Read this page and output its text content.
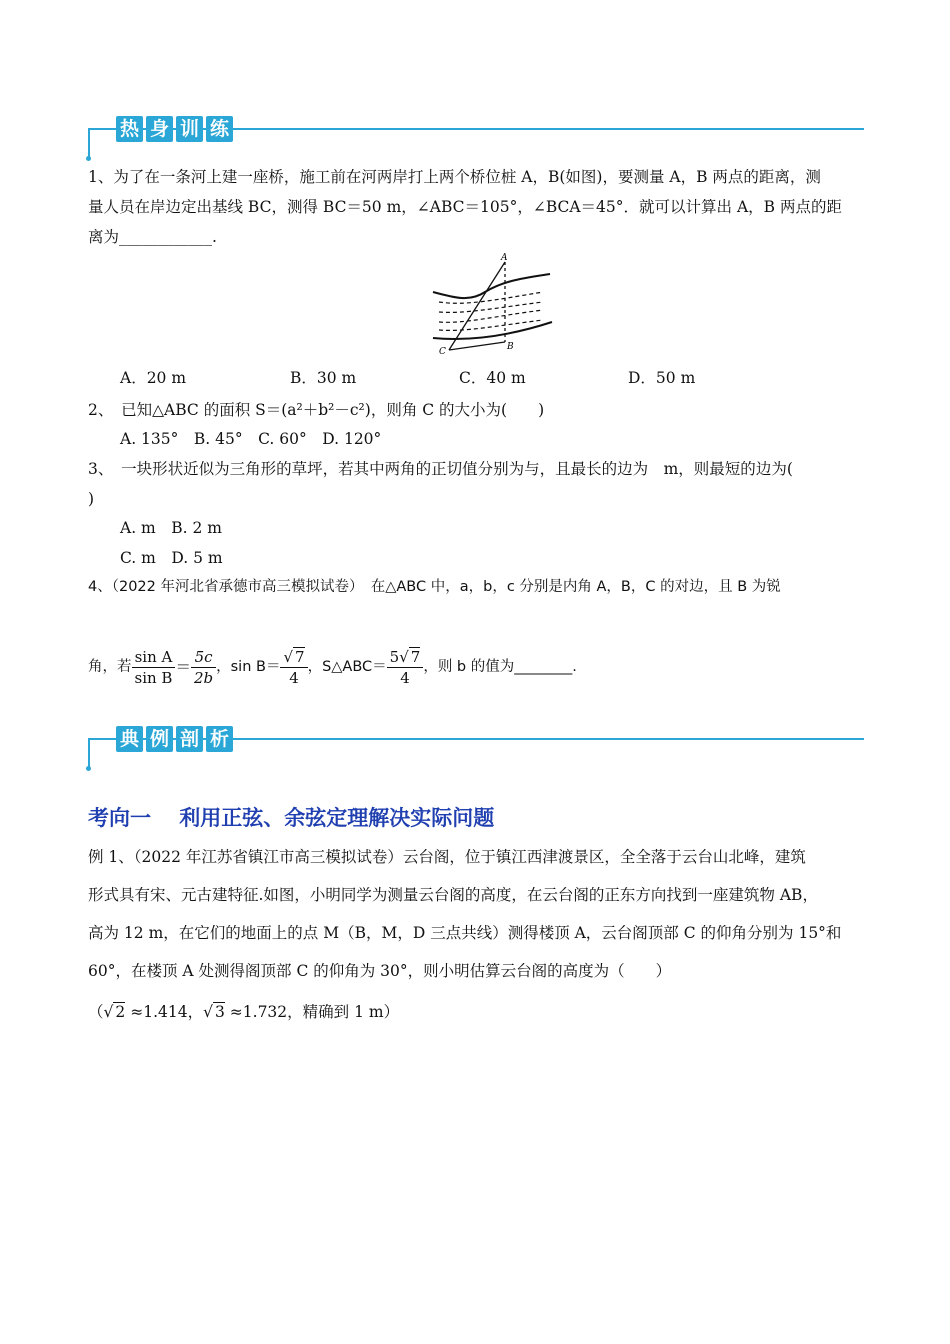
热 身 训 练
1、为了在一条河上建一座桥，施工前在河两岸打上两个桥位桩 A，B(如图)，要测量 A，B 两点的距离，测
量人员在岸边定出基线 BC，测得 BC＝50 m，∠ABC＝105°，∠BCA＝45°．就可以计算出 A，B 两点的距
离为____________.
A
B
C
A．20 m	B．30 m	C．40 m	D．50 m
2、　已知△ABC 的面积 S＝(a²＋b²－c²)，则角 C 的大小为(　　)
A. 135°　B. 45°　C. 60°　D. 120°
3、　一块形状近似为三角形的草坪，若其中两角的正切值分别为与，且最长的边为　m，则最短的边为(
)
A. m　B. 2 m
C. m　D. 5 m
4、（2022 年河北省承德市高三模拟试卷）　在△ABC 中，a，b，c 分别是内角 A，B，C 的对边，且 B 为锐
角，若 $\frac{\text{sin A}}{\text{sin B}} = \frac{5c}{2b}$ ，$\sin B= \frac{√ 7}{4}$ ，S△ABC＝ $\frac{5√ 7}{4}$ ，则 b 的值为________.
典 例 剖 析
考向一　 利用正弦、余弦定理解决实际问题
例 1、（2022 年江苏省镇江市高三模拟试卷）云台阁，位于镇江西津渡景区，全全落于云台山北峰，建筑
形式具有宋、元古建特征.如图，小明同学为测量云台阁的高度，在云台阁的正东方向找到一座建筑物 AB，
高为 12 m，在它们的地面上的点 M（B，M，D 三点共线）测得楼顶 A，云台阁顶部 C 的仰角分别为 15°和
60°，在楼顶 A 处测得阁顶部 C 的仰角为 30°，则小明估算云台阁的高度为（　　）
（√ 2 ≈1.414，√ 3 ≈1.732，精确到 1 m）
